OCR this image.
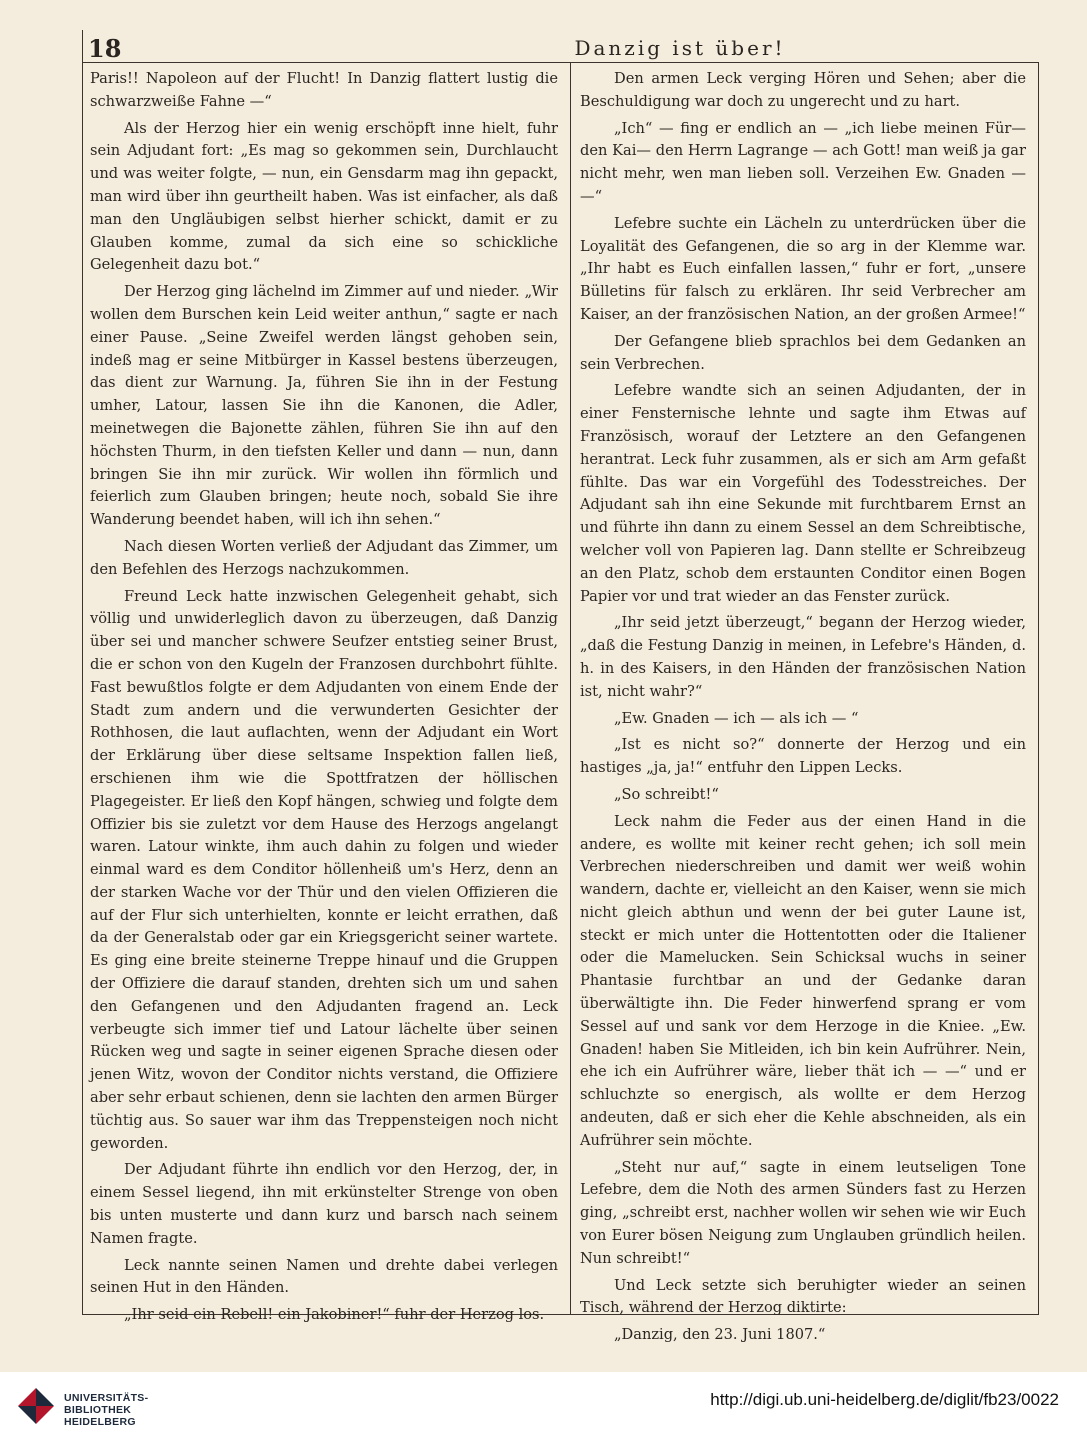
18	Danzig ist über!

Paris!! Napoleon auf der Flucht! In Danzig flattert lustig die schwarzweiße Fahne —“

Als der Herzog hier ein wenig erschöpft inne hielt, fuhr sein Adjudant fort: „Es mag so gekommen sein, Durchlaucht und was weiter folgte, — nun, ein Gensdarm mag ihn gepackt, man wird über ihn geurtheilt haben. Was ist einfacher, als daß man den Ungläubigen selbst hierher schickt, damit er zu Glauben komme, zumal da sich eine so schickliche Gelegenheit dazu bot.“

Der Herzog ging lächelnd im Zimmer auf und nieder. „Wir wollen dem Burschen kein Leid weiter anthun,“ sagte er nach einer Pause. „Seine Zweifel werden längst gehoben sein, indeß mag er seine Mitbürger in Kassel bestens überzeugen, das dient zur Warnung. Ja, führen Sie ihn in der Festung umher, Latour, lassen Sie ihn die Kanonen, die Adler, meinetwegen die Bajonette zählen, führen Sie ihn auf den höchsten Thurm, in den tiefsten Keller und dann — nun, dann bringen Sie ihn mir zurück. Wir wollen ihn förmlich und feierlich zum Glauben bringen; heute noch, sobald Sie ihre Wanderung beendet haben, will ich ihn sehen.“

Nach diesen Worten verließ der Adjudant das Zimmer, um den Befehlen des Herzogs nachzukommen.

Freund Leck hatte inzwischen Gelegenheit gehabt, sich völlig und unwiderleglich davon zu überzeugen, daß Danzig über sei und mancher schwere Seufzer entstieg seiner Brust, die er schon von den Kugeln der Franzosen durchbohrt fühlte. Fast bewußtlos folgte er dem Adjudanten von einem Ende der Stadt zum andern und die verwunderten Gesichter der Rothhosen, die laut auflachten, wenn der Adjudant ein Wort der Erklärung über diese seltsame Inspektion fallen ließ, erschienen ihm wie die Spottfratzen der höllischen Plagegeister. Er ließ den Kopf hängen, schwieg und folgte dem Offizier bis sie zuletzt vor dem Hause des Herzogs angelangt waren. Latour winkte, ihm auch dahin zu folgen und wieder einmal ward es dem Conditor höllenheiß um's Herz, denn an der starken Wache vor der Thür und den vielen Offizieren die auf der Flur sich unterhielten, konnte er leicht errathen, daß da der Generalstab oder gar ein Kriegsgericht seiner wartete. Es ging eine breite steinerne Treppe hinauf und die Gruppen der Offiziere die darauf standen, drehten sich um und sahen den Gefangenen und den Adjudanten fragend an. Leck verbeugte sich immer tief und Latour lächelte über seinen Rücken weg und sagte in seiner eigenen Sprache diesen oder jenen Witz, wovon der Conditor nichts verstand, die Offiziere aber sehr erbaut schienen, denn sie lachten den armen Bürger tüchtig aus. So sauer war ihm das Treppensteigen noch nicht geworden.

Der Adjudant führte ihn endlich vor den Herzog, der, in einem Sessel liegend, ihn mit erkünstelter Strenge von oben bis unten musterte und dann kurz und barsch nach seinem Namen fragte.

Leck nannte seinen Namen und drehte dabei verlegen seinen Hut in den Händen.

„Ihr seid ein Rebell! ein Jakobiner!“ fuhr der Herzog los.

Den armen Leck verging Hören und Sehen; aber die Beschuldigung war doch zu ungerecht und zu hart.

„Ich“ — fing er endlich an — „ich liebe meinen Für— den Kai— den Herrn Lagrange — ach Gott! man weiß ja gar nicht mehr, wen man lieben soll. Verzeihen Ew. Gnaden — —“

Lefebre suchte ein Lächeln zu unterdrücken über die Loyalität des Gefangenen, die so arg in der Klemme war. „Ihr habt es Euch einfallen lassen,“ fuhr er fort, „unsere Bülletins für falsch zu erklären. Ihr seid Verbrecher am Kaiser, an der französischen Nation, an der großen Armee!“

Der Gefangene blieb sprachlos bei dem Gedanken an sein Verbrechen.

Lefebre wandte sich an seinen Adjudanten, der in einer Fensternische lehnte und sagte ihm Etwas auf Französisch, worauf der Letztere an den Gefangenen herantrat. Leck fuhr zusammen, als er sich am Arm gefaßt fühlte. Das war ein Vorgefühl des Todesstreiches. Der Adjudant sah ihn eine Sekunde mit furchtbarem Ernst an und führte ihn dann zu einem Sessel an dem Schreibtische, welcher voll von Papieren lag. Dann stellte er Schreibzeug an den Platz, schob dem erstaunten Conditor einen Bogen Papier vor und trat wieder an das Fenster zurück.

„Ihr seid jetzt überzeugt,“ begann der Herzog wieder, „daß die Festung Danzig in meinen, in Lefebre's Händen, d. h. in des Kaisers, in den Händen der französischen Nation ist, nicht wahr?“

„Ew. Gnaden — ich — als ich — “

„Ist es nicht so?“ donnerte der Herzog und ein hastiges „ja, ja!“ entfuhr den Lippen Lecks.

„So schreibt!“

Leck nahm die Feder aus der einen Hand in die andere, es wollte mit keiner recht gehen; ich soll mein Verbrechen niederschreiben und damit wer weiß wohin wandern, dachte er, vielleicht an den Kaiser, wenn sie mich nicht gleich abthun und wenn der bei guter Laune ist, steckt er mich unter die Hottentotten oder die Italiener oder die Mamelucken. Sein Schicksal wuchs in seiner Phantasie furchtbar an und der Gedanke daran überwältigte ihn. Die Feder hinwerfend sprang er vom Sessel auf und sank vor dem Herzoge in die Kniee. „Ew. Gnaden! haben Sie Mitleiden, ich bin kein Aufrührer. Nein, ehe ich ein Aufrührer wäre, lieber thät ich — —“ und er schluchzte so energisch, als wollte er dem Herzog andeuten, daß er sich eher die Kehle abschneiden, als ein Aufrührer sein möchte.

„Steht nur auf,“ sagte in einem leutseligen Tone Lefebre, dem die Noth des armen Sünders fast zu Herzen ging, „schreibt erst, nachher wollen wir sehen wie wir Euch von Eurer bösen Neigung zum Unglauben gründlich heilen. Nun schreibt!“

Und Leck setzte sich beruhigter wieder an seinen Tisch, während der Herzog diktirte:

„Danzig, den 23. Juni 1807.“

UNIVERSITÄTS-
BIBLIOTHEK
HEIDELBERG
http://digi.ub.uni-heidelberg.de/diglit/fb23/0022
